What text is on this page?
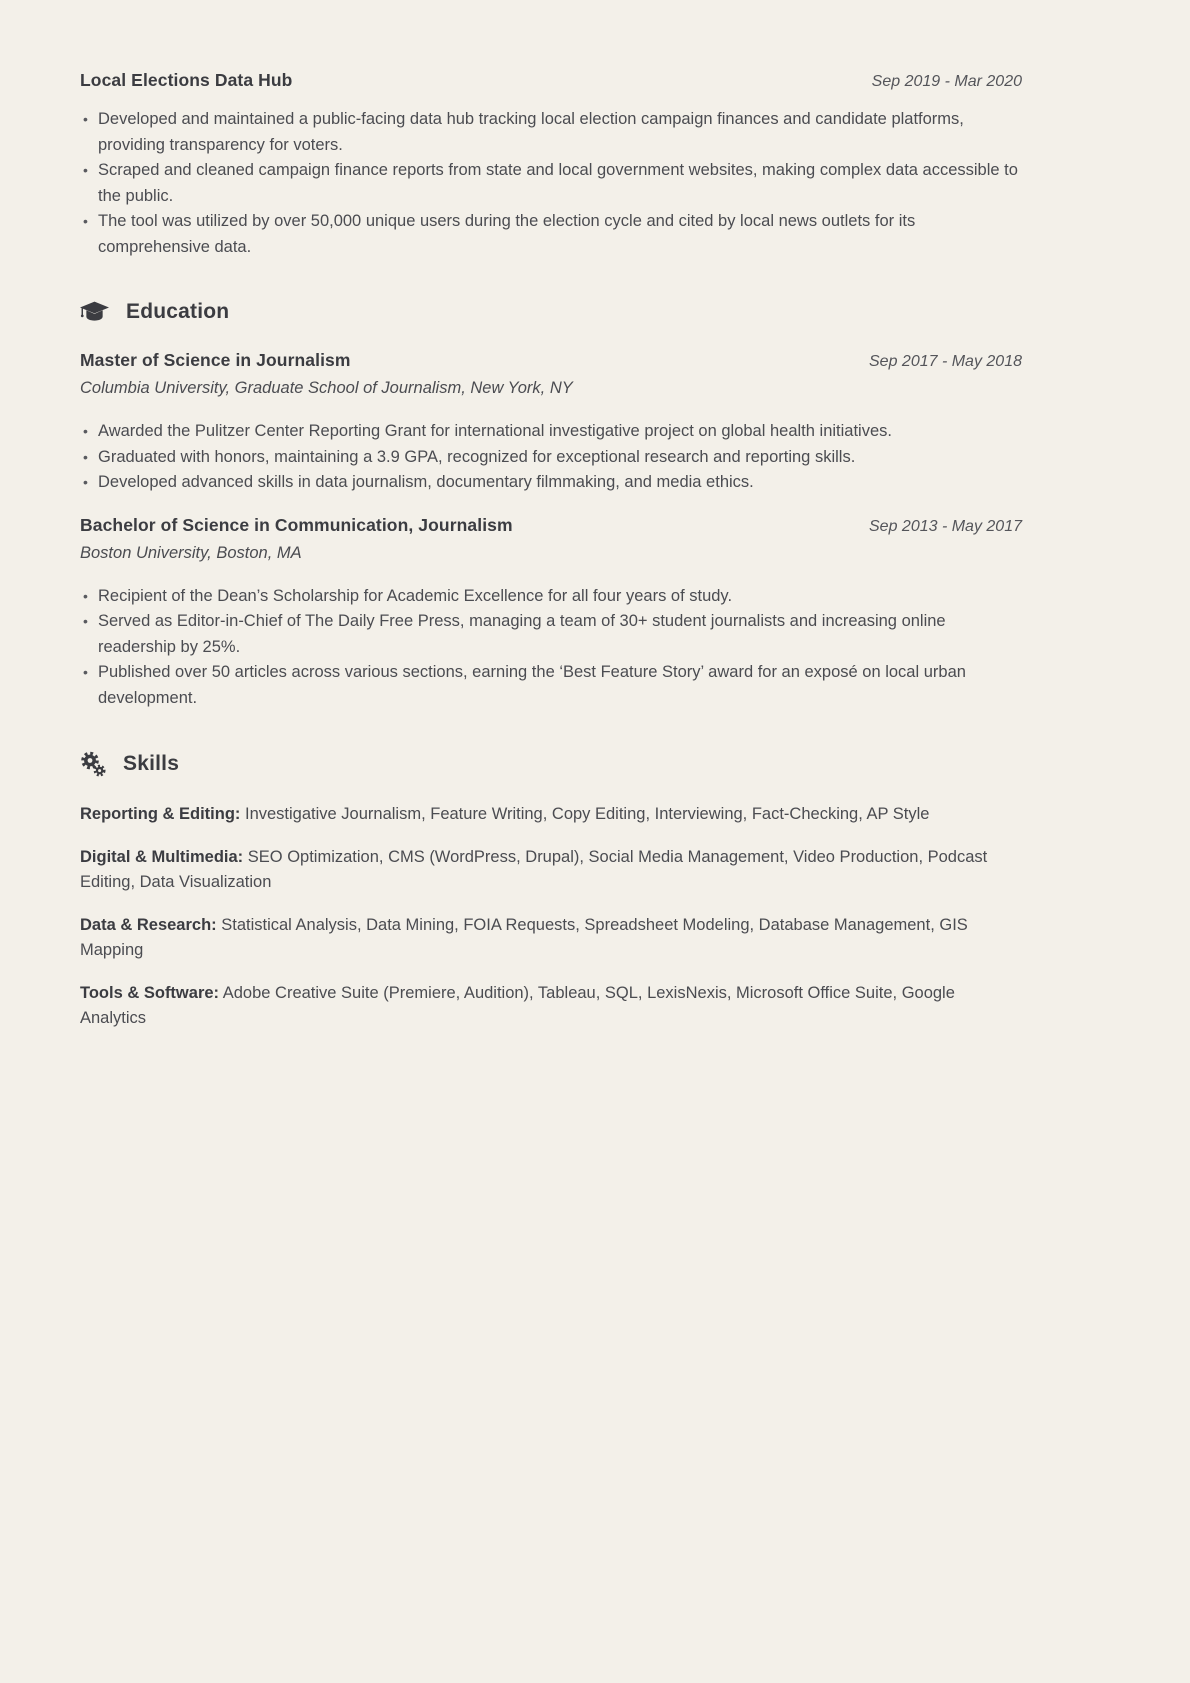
Local Elections Data Hub	Sep 2019 - Mar 2020
• Developed and maintained a public-facing data hub tracking local election campaign finances and candidate platforms, providing transparency for voters.
• Scraped and cleaned campaign finance reports from state and local government websites, making complex data accessible to the public.
• The tool was utilized by over 50,000 unique users during the election cycle and cited by local news outlets for its comprehensive data.
Education
Master of Science in Journalism	Sep 2017 - May 2018
Columbia University, Graduate School of Journalism, New York, NY
• Awarded the Pulitzer Center Reporting Grant for international investigative project on global health initiatives.
• Graduated with honors, maintaining a 3.9 GPA, recognized for exceptional research and reporting skills.
• Developed advanced skills in data journalism, documentary filmmaking, and media ethics.
Bachelor of Science in Communication, Journalism	Sep 2013 - May 2017
Boston University, Boston, MA
• Recipient of the Dean’s Scholarship for Academic Excellence for all four years of study.
• Served as Editor-in-Chief of The Daily Free Press, managing a team of 30+ student journalists and increasing online readership by 25%.
• Published over 50 articles across various sections, earning the ‘Best Feature Story’ award for an exposé on local urban development.
Skills

Reporting & Editing: Investigative Journalism, Feature Writing, Copy Editing, Interviewing, Fact-Checking, AP Style

Digital & Multimedia: SEO Optimization, CMS (WordPress, Drupal), Social Media Management, Video Production, Podcast Editing, Data Visualization

Data & Research: Statistical Analysis, Data Mining, FOIA Requests, Spreadsheet Modeling, Database Management, GIS Mapping

Tools & Software: Adobe Creative Suite (Premiere, Audition), Tableau, SQL, LexisNexis, Microsoft Office Suite, Google Analytics
